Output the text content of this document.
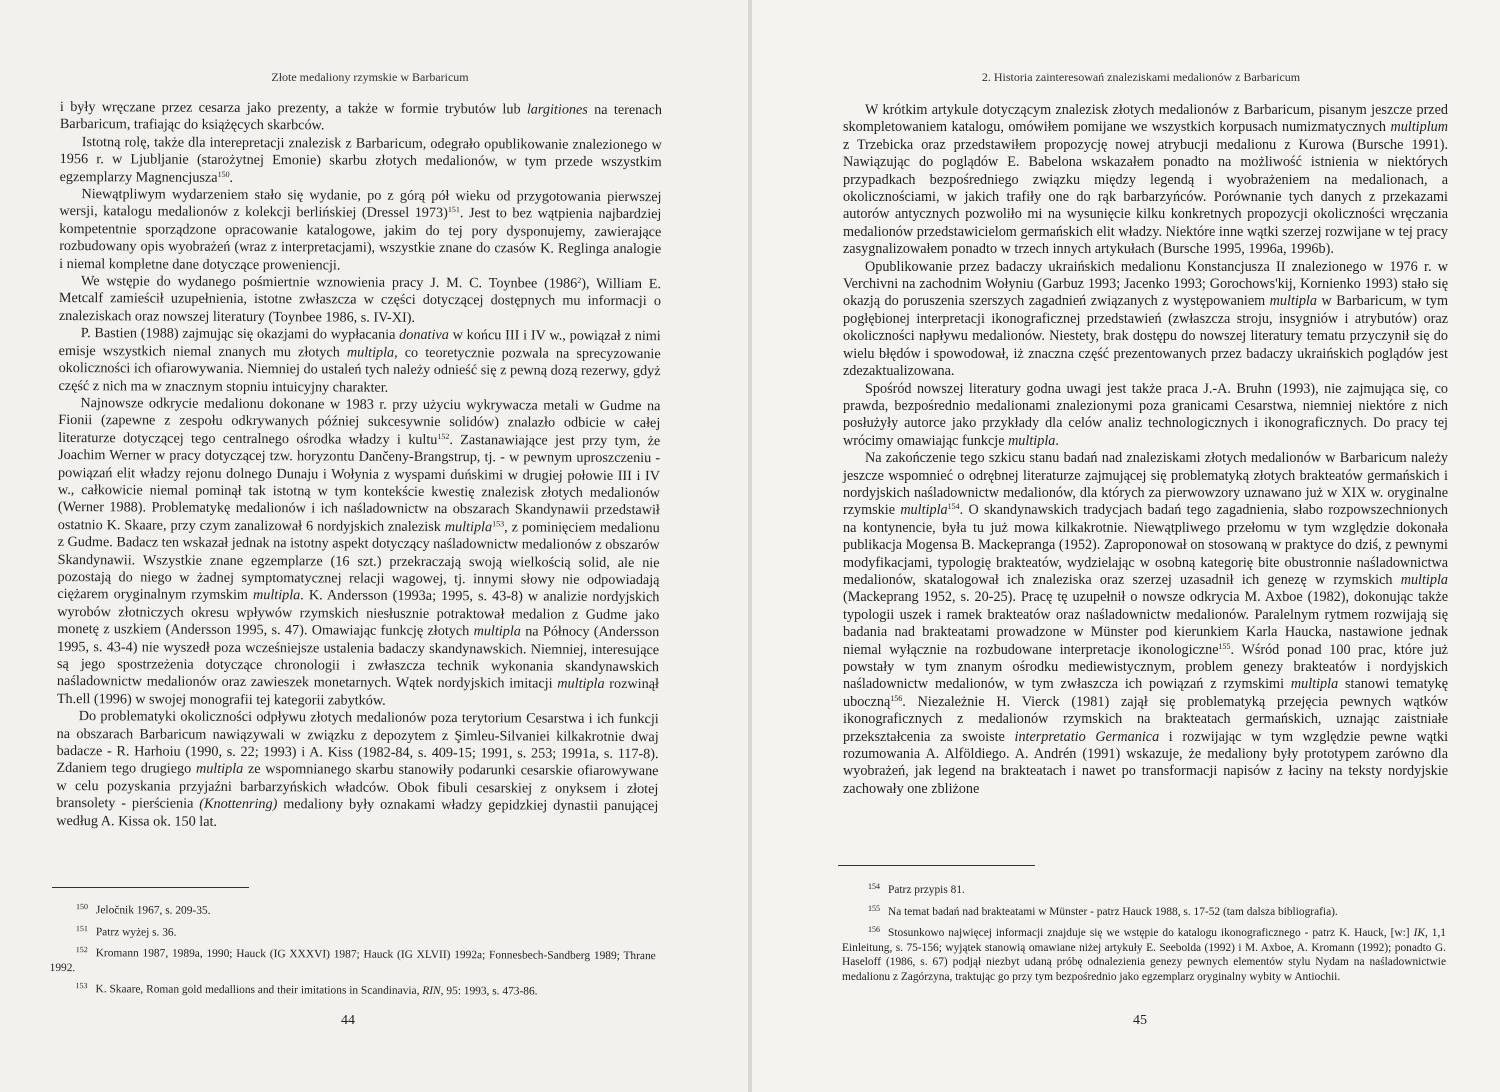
Złote medaliony rzymskie w Barbaricum

i były wręczane przez cesarza jako prezenty, a także w formie trybutów lub largitiones na terenach Barbaricum, trafiając do książęcych skarbców.

Istotną rolę, także dla interepretacji znalezisk z Barbaricum, odegrało opublikowanie znalezionego w 1956 r. w Ljubljanie (starożytnej Emonie) skarbu złotych medalionów, w tym przede wszystkim egzemplarzy Magnencjusza$^{150}$.

Niewątpliwym wydarzeniem stało się wydanie, po z górą pół wieku od przygotowania pierwszej wersji, katalogu medalionów z kolekcji berlińskiej (Dressel 1973)$^{151}$. Jest to bez wątpienia najbardziej kompetentnie sporządzone opracowanie katalogowe, jakim do tej pory dysponujemy, zawierające rozbudowany opis wyobrażeń (wraz z interpretacjami), wszystkie znane do czasów K. Reglinga analogie i niemal kompletne dane dotyczące proweniencji.

We wstępie do wydanego pośmiertnie wznowienia pracy J. M. C. Toynbee (1986$^2$), William E. Metcalf zamieścił uzupełnienia, istotne zwłaszcza w części dotyczącej dostępnych mu informacji o znaleziskach oraz nowszej literatury (Toynbee 1986, s. IV-XI).

P. Bastien (1988) zajmując się okazjami do wypłacania donativa w końcu III i IV w., powiązał z nimi emisje wszystkich niemal znanych mu złotych multipla, co teoretycznie pozwala na sprecyzowanie okoliczności ich ofiarowywania. Niemniej do ustaleń tych należy odnieść się z pewną dozą rezerwy, gdyż część z nich ma w znacznym stopniu intuicyjny charakter.

Najnowsze odkrycie medalionu dokonane w 1983 r. przy użyciu wykrywacza metali w Gudme na Fionii (zapewne z zespołu odkrywanych później sukcesywnie solidów) znalazło odbicie w całej literaturze dotyczącej tego centralnego ośrodka władzy i kultu$^{152}$. Zastanawiające jest przy tym, że Joachim Werner w pracy dotyczącej tzw. horyzontu Dančeny-Brangstrup, tj. - w pewnym uproszczeniu - powiązań elit władzy rejonu dolnego Dunaju i Wołynia z wyspami duńskimi w drugiej połowie III i IV w., całkowicie niemal pominął tak istotną w tym kontekście kwestię znalezisk złotych medalionów (Werner 1988). Problematykę medalionów i ich naśladownictw na obszarach Skandynawii przedstawił ostatnio K. Skaare, przy czym zanalizował 6 nordyjskich znalezisk multipla$^{153}$, z pominięciem medalionu z Gudme. Badacz ten wskazał jednak na istotny aspekt dotyczący naśladownictw medalionów z obszarów Skandynawii. Wszystkie znane egzemplarze (16 szt.) przekraczają swoją wielkością solid, ale nie pozostają do niego w żadnej symptomatycznej relacji wagowej, tj. innymi słowy nie odpowiadają ciężarem oryginalnym rzymskim multipla. K. Andersson (1993a; 1995, s. 43-8) w analizie nordyjskich wyrobów złotniczych okresu wpływów rzymskich niesłusznie potraktował medalion z Gudme jako monetę z uszkiem (Andersson 1995, s. 47). Omawiając funkcję złotych multipla na Północy (Andersson 1995, s. 43-4) nie wyszedł poza wcześniejsze ustalenia badaczy skandynawskich. Niemniej, interesujące są jego spostrzeżenia dotyczące chronologii i zwłaszcza technik wykonania skandynawskich naśladownictw medalionów oraz zawieszek monetarnych. Wątek nordyjskich imitacji multipla rozwinął Th.ell (1996) w swojej monografii tej kategorii zabytków.

Do problematyki okoliczności odpływu złotych medalionów poza terytorium Cesarstwa i ich funkcji na obszarach Barbaricum nawiązywali w związku z depozytem z Şimleu-Silvaniei kilkakrotnie dwaj badacze - R. Harhoiu (1990, s. 22; 1993) i A. Kiss (1982-84, s. 409-15; 1991, s. 253; 1991a, s. 117-8). Zdaniem tego drugiego multipla ze wspomnianego skarbu stanowiły podarunki cesarskie ofiarowywane w celu pozyskania przyjaźni barbarzyńskich władców. Obok fibuli cesarskiej z onyksem i złotej bransolety - pierścienia (Knottenring) medaliony były oznakami władzy gepidzkiej dynastii panującej według A. Kissa ok. 150 lat.

$^{150}$ Jeločnik 1967, s. 209-35.
$^{151}$ Patrz wyżej s. 36.
$^{152}$ Kromann 1987, 1989a, 1990; Hauck (IG XXXVI) 1987; Hauck (IG XLVII) 1992a; Fonnesbech-Sandberg 1989; Thrane 1992.
$^{153}$ K. Skaare, Roman gold medallions and their imitations in Scandinavia, RIN, 95: 1993, s. 473-86.
44
2. Historia zainteresowań znaleziskami medalionów z Barbaricum

W krótkim artykule dotyczącym znalezisk złotych medalionów z Barbaricum, pisanym jeszcze przed skompletowaniem katalogu, omówiłem pomijane we wszystkich korpusach numizmatycznych multiplum z Trzebicka oraz przedstawiłem propozycję nowej atrybucji medalionu z Kurowa (Bursche 1991). Nawiązując do poglądów E. Babelona wskazałem ponadto na możliwość istnienia w niektórych przypadkach bezpośredniego związku między legendą i wyobrażeniem na medalionach, a okolicznościami, w jakich trafiły one do rąk barbarzyńców. Porównanie tych danych z przekazami autorów antycznych pozwoliło mi na wysunięcie kilku konkretnych propozycji okoliczności wręczania medalionów przedstawicielom germańskich elit władzy. Niektóre inne wątki szerzej rozwijane w tej pracy zasygnalizowałem ponadto w trzech innych artykułach (Bursche 1995, 1996a, 1996b).

Opublikowanie przez badaczy ukraińskich medalionu Konstancjusza II znalezionego w 1976 r. w Verchivni na zachodnim Wołyniu (Garbuz 1993; Jacenko 1993; Gorochows'kij, Kornienko 1993) stało się okazją do poruszenia szerszych zagadnień związanych z występowaniem multipla w Barbaricum, w tym pogłębionej interpretacji ikonograficznej przedstawień (zwłaszcza stroju, insygniów i atrybutów) oraz okoliczności napływu medalionów. Niestety, brak dostępu do nowszej literatury tematu przyczynił się do wielu błędów i spowodował, iż znaczna część prezentowanych przez badaczy ukraińskich poglądów jest zdezaktualizowana.

Spośród nowszej literatury godna uwagi jest także praca J.-A. Bruhn (1993), nie zajmująca się, co prawda, bezpośrednio medalionami znalezionymi poza granicami Cesarstwa, niemniej niektóre z nich posłużyły autorce jako przykłady dla celów analiz technologicznych i ikonograficznych. Do pracy tej wrócimy omawiając funkcje multipla.

Na zakończenie tego szkicu stanu badań nad znaleziskami złotych medalionów w Barbaricum należy jeszcze wspomnieć o odrębnej literaturze zajmującej się problematyką złotych brakteatów germańskich i nordyjskich naśladownictw medalionów, dla których za pierwowzory uznawano już w XIX w. oryginalne rzymskie multipla$^{154}$. O skandynawskich tradycjach badań tego zagadnienia, słabo rozpowszechnionych na kontynencie, była tu już mowa kilkakrotnie. Niewątpliwego przełomu w tym względzie dokonała publikacja Mogensa B. Mackepranga (1952). Zaproponował on stosowaną w praktyce do dziś, z pewnymi modyfikacjami, typologię brakteatów, wydzielając w osobną kategorię bite obustronnie naśladownictwa medalionów, skatalogował ich znaleziska oraz szerzej uzasadnił ich genezę w rzymskich multipla (Mackeprang 1952, s. 20-25). Pracę tę uzupełnił o nowsze odkrycia M. Axboe (1982), dokonując także typologii uszek i ramek brakteatów oraz naśladownictw medalionów. Paralelnym rytmem rozwijają się badania nad brakteatami prowadzone w Münster pod kierunkiem Karla Haucka, nastawione jednak niemal wyłącznie na rozbudowane interpretacje ikonologiczne$^{155}$. Wśród ponad 100 prac, które już powstały w tym znanym ośrodku mediewistycznym, problem genezy brakteatów i nordyjskich naśladownictw medalionów, w tym zwłaszcza ich powiązań z rzymskimi multipla stanowi tematykę uboczną$^{156}$. Niezależnie H. Vierck (1981) zajął się problematyką przejęcia pewnych wątków ikonograficznych z medalionów rzymskich na brakteatach germańskich, uznając zaistniałe przekształcenia za swoiste interpretatio Germanica i rozwijając w tym względzie pewne wątki rozumowania A. Alföldiego. A. Andrén (1991) wskazuje, że medaliony były prototypem zarówno dla wyobrażeń, jak legend na brakteatach i nawet po transformacji napisów z łaciny na teksty nordyjskie zachowały one zbliżone

$^{154}$ Patrz przypis 81.
$^{155}$ Na temat badań nad brakteatami w Münster - patrz Hauck 1988, s. 17-52 (tam dalsza bibliografia).
$^{156}$ Stosunkowo najwięcej informacji znajduje się we wstępie do katalogu ikonograficznego - patrz K. Hauck, [w:] IK, 1,1 Einleitung, s. 75-156; wyjątek stanowią omawiane niżej artykuły E. Seebolda (1992) i M. Axboe, A. Kromann (1992); ponadto G. Haseloff (1986, s. 67) podjął niezbyt udaną próbę odnalezienia genezy pewnych elementów stylu Nydam na naśladownictwie medalionu z Zagórzyna, traktując go przy tym bezpośrednio jako egzemplarz oryginalny wybity w Antiochii.
45
